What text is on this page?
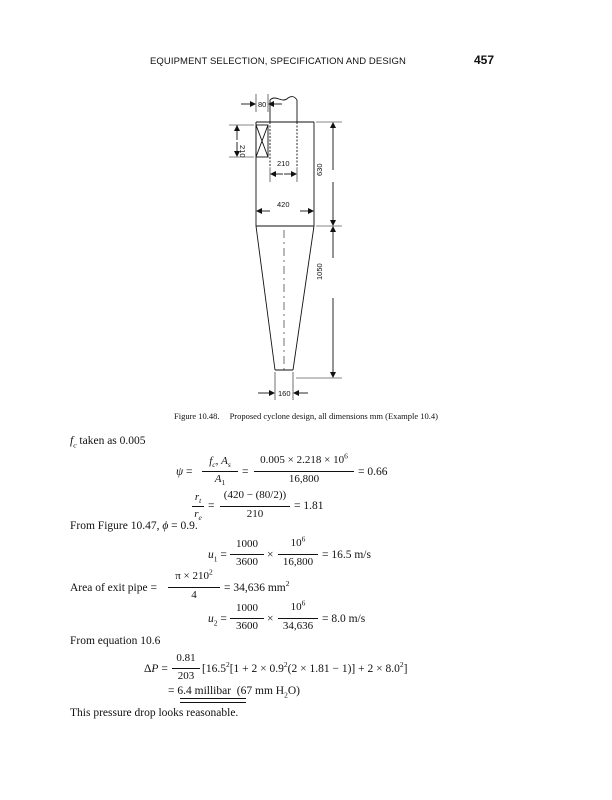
EQUIPMENT SELECTION, SPECIFICATION AND DESIGN	457
80
210
210
420
630
1050
160
Figure 10.48. Proposed cyclone design, all dimensions mm (Example 10.4)
$f_c$ taken as 0.005
ψ =
$f_c$, $A_s$
$A_1$
=
$0.005 \times 2.218 \times 10^6$
16,800
= 0.66
$r_t$
$r_e$
=
(420 − (80/2))
210
= 1.81
From Figure 10.47, ϕ = 0.9.
$u_1$ =
1000
3600
×
$10^6$
16,800
= 16.5 m/s
Area of exit pipe =
$\pi \times 210^2$
4
= 34,636 $mm^2$
$u_2$ =
1000
3600
×
$10^6$
34,636
= 8.0 m/s
From equation 10.6
ΔP =
0.81
203
$[16.5^2[1 + 2 \times 0.9^2(2 \times 1.81 - 1)] + 2 \times 8.0^2]$
= 6.4 millibar  (67 mm $H_2O$)
This pressure drop looks reasonable.
